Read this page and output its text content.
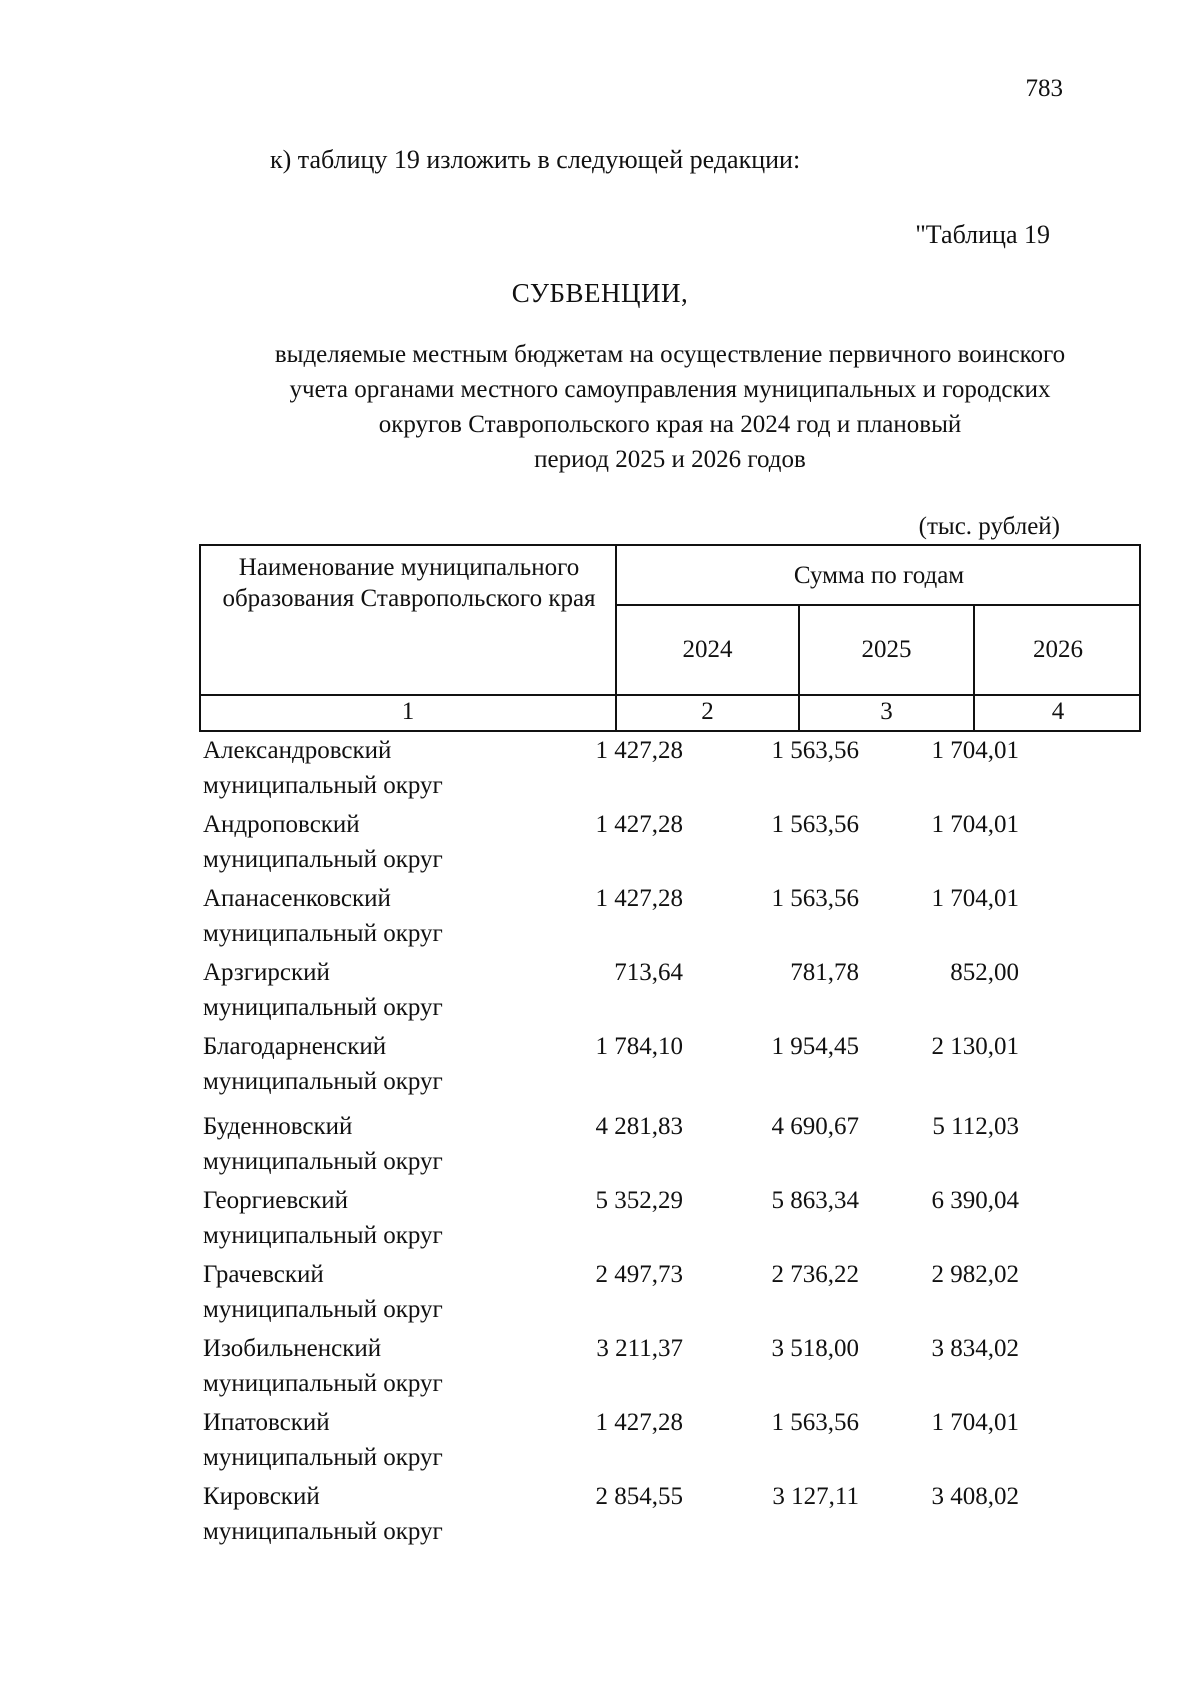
783
к) таблицу 19 изложить в следующей редакции:
"Таблица 19
СУБВЕНЦИИ,
выделяемые местным бюджетам на осуществление первичного воинского
учета органами местного самоуправления муниципальных и городских
округов Ставропольского края на 2024 год и плановый
период 2025 и 2026 годов
(тыс. рублей)
Наименование муниципального образования Ставропольского края
Сумма по годам
2024	2025	2026
1	2	3	4
Александровский
муниципальный округ
1 427,28	1 563,56	1 704,01
Андроповский
муниципальный округ
1 427,28	1 563,56	1 704,01
Апанасенковский
муниципальный округ
1 427,28	1 563,56	1 704,01
Арзгирский
муниципальный округ
713,64	781,78	852,00
Благодарненский
муниципальный округ
1 784,10	1 954,45	2 130,01
Буденновский
муниципальный округ
4 281,83	4 690,67	5 112,03
Георгиевский
муниципальный округ
5 352,29	5 863,34	6 390,04
Грачевский
муниципальный округ
2 497,73	2 736,22	2 982,02
Изобильненский
муниципальный округ
3 211,37	3 518,00	3 834,02
Ипатовский
муниципальный округ
1 427,28	1 563,56	1 704,01
Кировский
муниципальный округ
2 854,55	3 127,11	3 408,02
